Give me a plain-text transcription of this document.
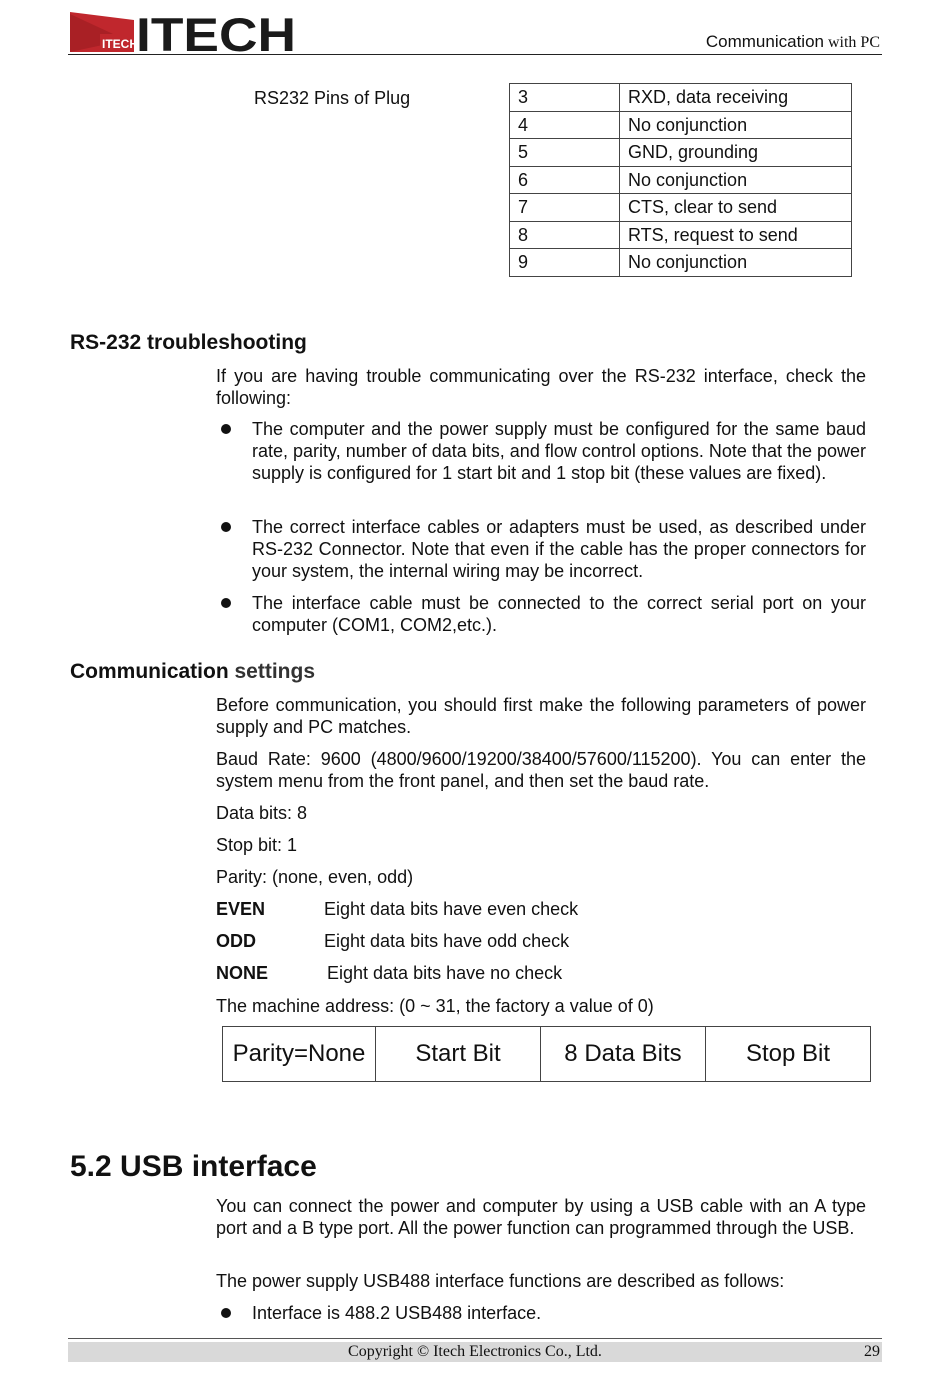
ITECH
ITECH	Communication with PC
RS232 Pins of Plug	3	RXD, data receiving
4	No conjunction
5	GND, grounding
6	No conjunction
7	CTS, clear to send
8	RTS, request to send
9	No conjunction
RS-232 troubleshooting
If you are having trouble communicating over the RS-232 interface, check the following:
The computer and the power supply must be configured for the same baud rate, parity, number of data bits, and flow control options. Note that the power supply is configured for 1 start bit and 1 stop bit (these values are fixed).
The correct interface cables or adapters must be used, as described under RS-232 Connector. Note that even if the cable has the proper connectors for your system, the internal wiring may be incorrect.
The interface cable must be connected to the correct serial port on your computer (COM1, COM2,etc.).
Communication settings
Before communication, you should first make the following parameters of power supply and PC matches.
Baud Rate: 9600 (4800/9600/19200/38400/57600/115200). You can enter the system menu from the front panel, and then set the baud rate.
Data bits: 8
Stop bit: 1
Parity: (none, even, odd)
EVEN	Eight data bits have even check
ODD	Eight data bits have odd check
NONE	Eight data bits have no check
The machine address: (0 ~ 31, the factory a value of 0)
Parity=None	Start Bit	8 Data Bits	Stop Bit
5.2 USB interface
You can connect the power and computer by using a USB cable with an A type port and a B type port. All the power function can programmed through the USB.
The power supply USB488 interface functions are described as follows:
Interface is 488.2 USB488 interface.
Copyright © Itech Electronics Co., Ltd.	29
